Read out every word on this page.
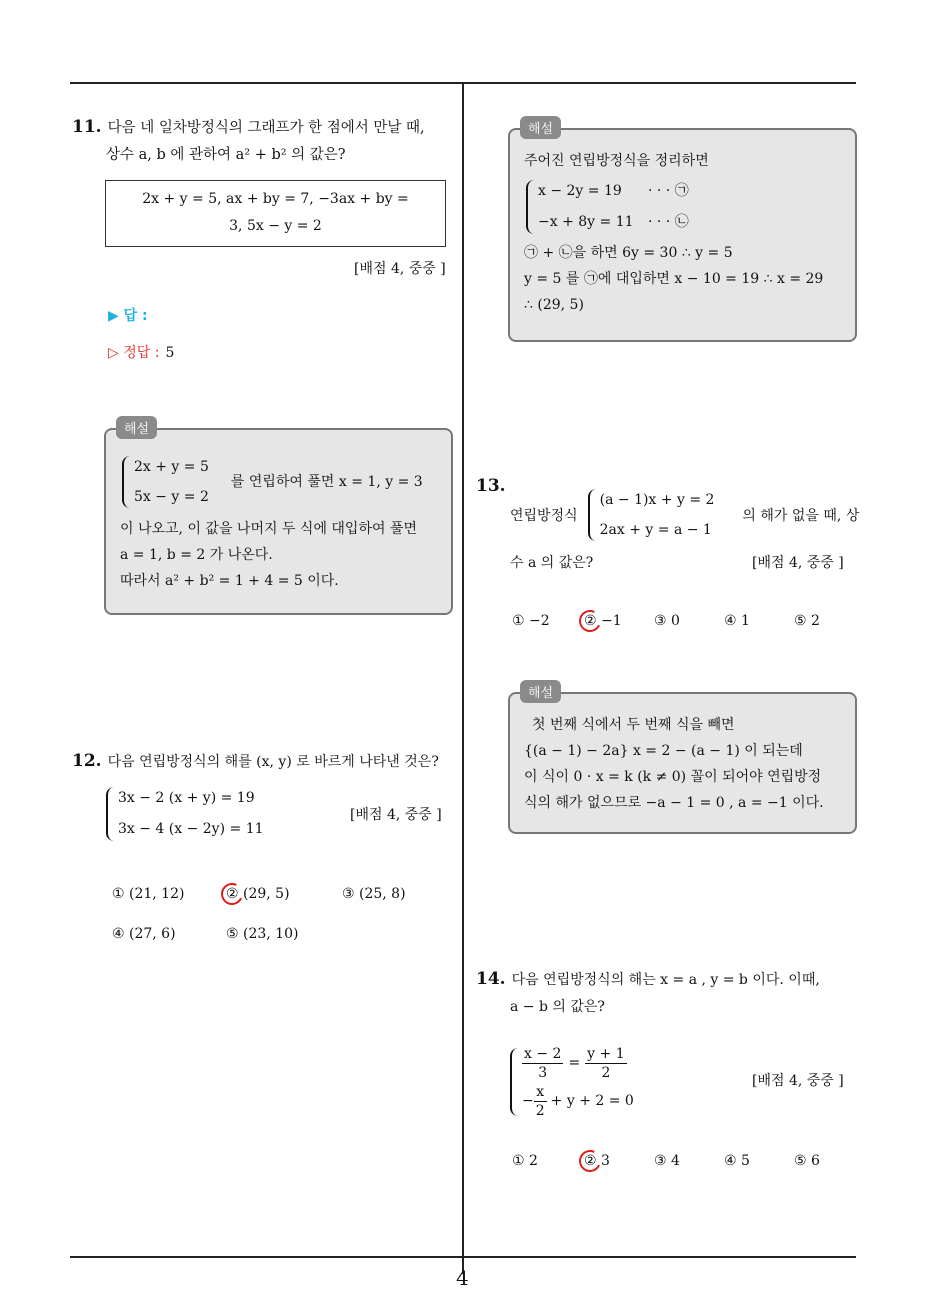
11. 다음 네 일차방정식의 그래프가 한 점에서 만날 때,
상수 a, b 에 관하여 a² + b² 의 값은?
2x + y = 5, ax + by = 7, −3ax + by =
3, 5x − y = 2
[배점 4, 중중 ]
▶ 답 :
▷ 정답 : 5
해설
2x + y = 5
5x − y = 2
를 연립하여 풀면 x = 1, y = 3
이 나오고, 이 값을 나머지 두 식에 대입하여 풀면
a = 1, b = 2 가 나온다.
따라서 a² + b² = 1 + 4 = 5 이다.
12. 다음 연립방정식의 해를 (x, y) 로 바르게 나타낸 것은?
3x − 2 (x + y) = 19
3x − 4 (x − 2y) = 11
[배점 4, 중중 ]
① (21, 12)	② (29, 5)	③ (25, 8)
④ (27, 6)	⑤ (23, 10)
해설
주어진 연립방정식을 정리하면
x − 2y = 19 · · · ㉠
−x + 8y = 11 · · · ㉡
㉠ + ㉡을 하면 6y = 30 ∴ y = 5
y = 5 를 ㉠에 대입하면 x − 10 = 19 ∴ x = 29
∴ (29, 5)
13.
연립방정식
(a − 1)x + y = 2
2ax + y = a − 1
의 해가 없을 때, 상
수 a 의 값은?	[배점 4, 중중 ]
① −2 ② −1 ③ 0	④ 1	⑤ 2
해설
첫 번째 식에서 두 번째 식을 빼면
{(a − 1) − 2a} x = 2 − (a − 1) 이 되는데
이 식이 0 · x = k (k ≠ 0) 꼴이 되어야 연립방정
식의 해가 없으므로 −a − 1 = 0 , a = −1 이다.
14. 다음 연립방정식의 해는 x = a , y = b 이다. 이때,
a − b 의 값은?
$\frac{x - 2}{3} = \frac{y + 1}{2}$
− $\frac{x}{2} + y + 2 = 0$
[배점 4, 중중 ]
① 2	② 3	③ 4	④ 5	⑤ 6
4
